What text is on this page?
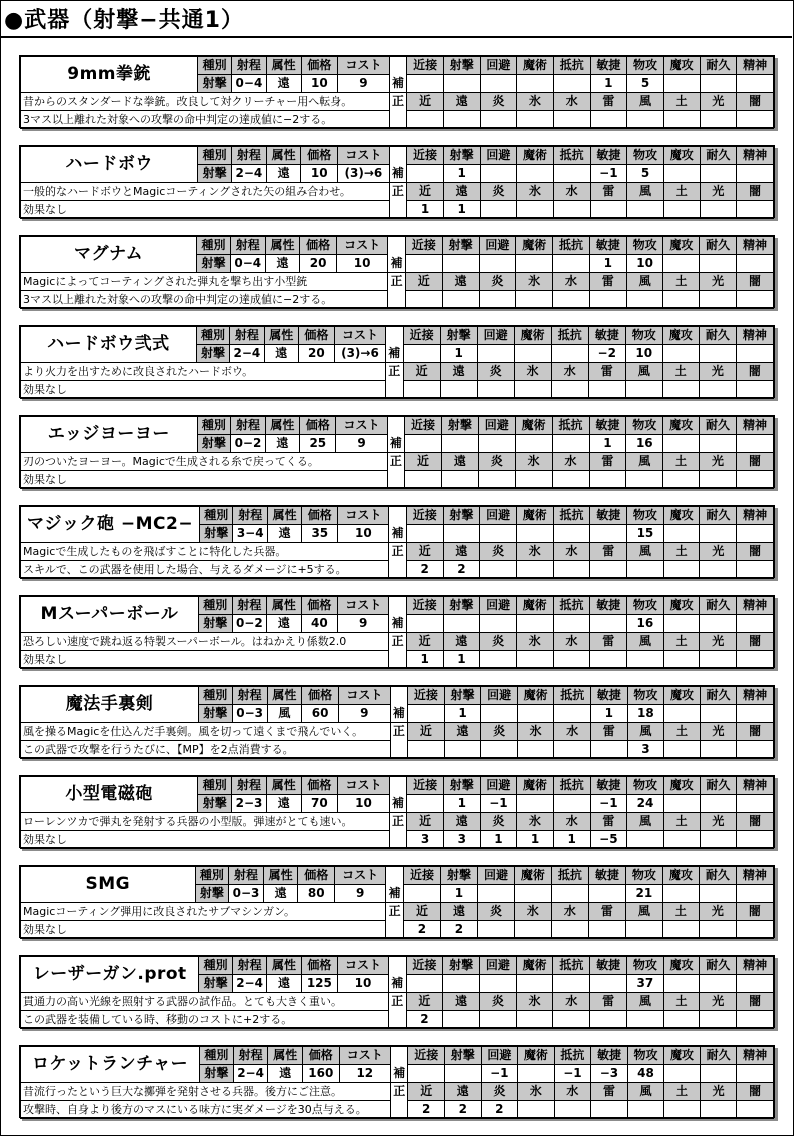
●武器（射撃−共通1）
9mm拳銃	種別	射程	属性	価格	コスト	補	近接	射撃	回避	魔術	抵抗	敏捷	物攻	魔攻	耐久	精神
	射撃	0−4	遠	10	9							1	5			
昔からのスタンダードな拳銃。改良して対クリーチャー用へ転身。						正	近	遠	炎	氷	水	雷	風	土	光	闇
3マス以上離れた対象への攻撃の命中判定の達成値に−2する。																
ハードボウ	種別	射程	属性	価格	コスト	補	近接	射撃	回避	魔術	抵抗	敏捷	物攻	魔攻	耐久	精神
	射撃	2−4	遠	10	(3)→6			1				−1	5			
一般的なハードボウとMagicコーティングされた矢の組み合わせ。						正	近	遠	炎	氷	水	雷	風	土	光	闇
効果なし							1	1								
マグナム	種別	射程	属性	価格	コスト	補	近接	射撃	回避	魔術	抵抗	敏捷	物攻	魔攻	耐久	精神
	射撃	0−4	遠	20	10							1	10			
Magicによってコーティングされた弾丸を撃ち出す小型銃						正	近	遠	炎	氷	水	雷	風	土	光	闇
3マス以上離れた対象への攻撃の命中判定の達成値に−2する。																
ハードボウ弐式	種別	射程	属性	価格	コスト	補	近接	射撃	回避	魔術	抵抗	敏捷	物攻	魔攻	耐久	精神
	射撃	2−4	遠	20	(3)→6			1				−2	10			
より火力を出すために改良されたハードボウ。						正	近	遠	炎	氷	水	雷	風	土	光	闇
効果なし																
エッジヨーヨー	種別	射程	属性	価格	コスト	補	近接	射撃	回避	魔術	抵抗	敏捷	物攻	魔攻	耐久	精神
	射撃	0−2	遠	25	9							1	16			
刃のついたヨーヨー。Magicで生成される糸で戻ってくる。						正	近	遠	炎	氷	水	雷	風	土	光	闇
効果なし																
マジック砲 −MC2−	種別	射程	属性	価格	コスト	補	近接	射撃	回避	魔術	抵抗	敏捷	物攻	魔攻	耐久	精神
	射撃	3−4	遠	35	10								15			
Magicで生成したものを飛ばすことに特化した兵器。						正	近	遠	炎	氷	水	雷	風	土	光	闇
スキルで、この武器を使用した場合、与えるダメージに+5する。							2	2								
Mスーパーボール	種別	射程	属性	価格	コスト	補	近接	射撃	回避	魔術	抵抗	敏捷	物攻	魔攻	耐久	精神
	射撃	0−2	遠	40	9								16			
恐ろしい速度で跳ね返る特製スーパーボール。はねかえり係数2.0						正	近	遠	炎	氷	水	雷	風	土	光	闇
効果なし							1	1								
魔法手裏剣	種別	射程	属性	価格	コスト	補	近接	射撃	回避	魔術	抵抗	敏捷	物攻	魔攻	耐久	精神
	射撃	0−3	風	60	9			1				1	18			
風を操るMagicを仕込んだ手裏剣。風を切って遠くまで飛んでいく。						正	近	遠	炎	氷	水	雷	風	土	光	闇
この武器で攻撃を行うたびに、【MP】を2点消費する。													3			
小型電磁砲	種別	射程	属性	価格	コスト	補	近接	射撃	回避	魔術	抵抗	敏捷	物攻	魔攻	耐久	精神
	射撃	2−3	遠	70	10			1	−1			−1	24			
ローレンツカで弾丸を発射する兵器の小型版。弾速がとても速い。						正	近	遠	炎	氷	水	雷	風	土	光	闇
効果なし							3	3	1	1	1	−5				
SMG	種別	射程	属性	価格	コスト	補	近接	射撃	回避	魔術	抵抗	敏捷	物攻	魔攻	耐久	精神
	射撃	0−3	遠	80	9			1					21			
Magicコーティング弾用に改良されたサブマシンガン。						正	近	遠	炎	氷	水	雷	風	土	光	闇
効果なし							2	2								
レーザーガン.prot	種別	射程	属性	価格	コスト	補	近接	射撃	回避	魔術	抵抗	敏捷	物攻	魔攻	耐久	精神
	射撃	2−4	遠	125	10								37			
貫通力の高い光線を照射する武器の試作品。とても大きく重い。						正	近	遠	炎	氷	水	雷	風	土	光	闇
この武器を装備している時、移動のコストに+2する。							2									
ロケットランチャー	種別	射程	属性	価格	コスト	補	近接	射撃	回避	魔術	抵抗	敏捷	物攻	魔攻	耐久	精神
	射撃	2−4	遠	160	12				−1		−1	−3	48			
昔流行ったという巨大な擲弾を発射させる兵器。後方にご注意。						正	近	遠	炎	氷	水	雷	風	土	光	闇
攻撃時、自身より後方のマスにいる味方に実ダメージを30点与える。							2	2	2							
